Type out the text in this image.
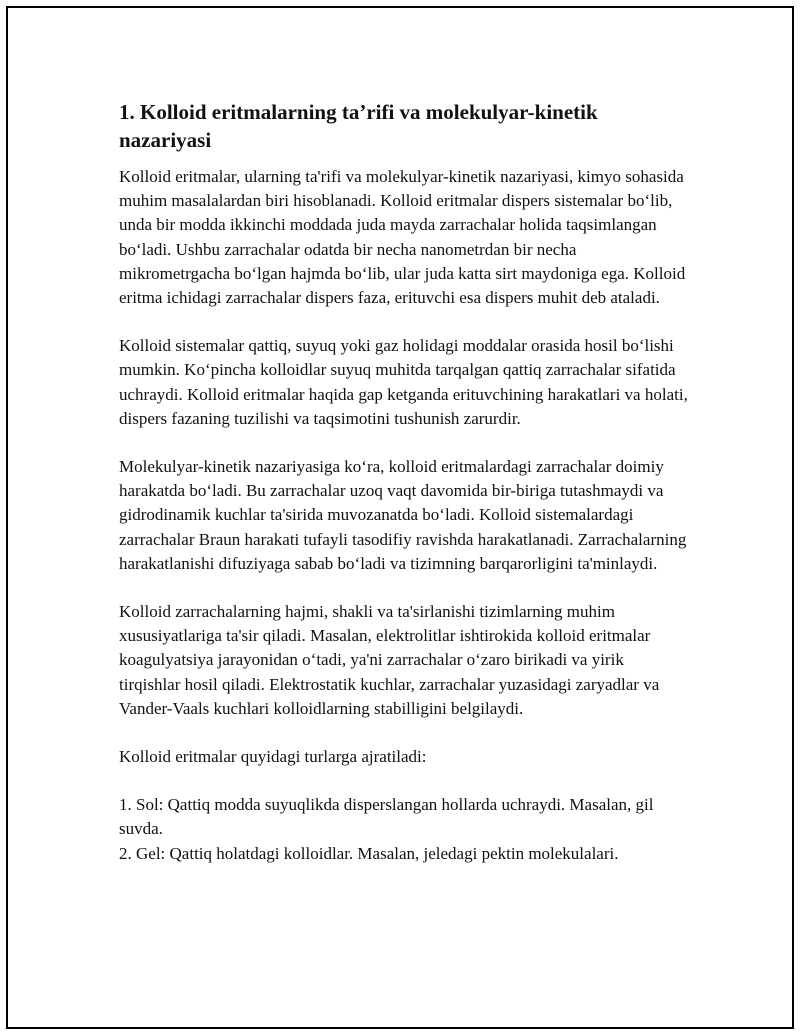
1. Kolloid eritmalarning ta’rifi va molekulyar-kinetik nazariyasi

Kolloid eritmalar, ularning ta'rifi va molekulyar-kinetik nazariyasi, kimyo sohasida muhim masalalardan biri hisoblanadi. Kolloid eritmalar dispers sistemalar boʻlib, unda bir modda ikkinchi moddada juda mayda zarrachalar holida taqsimlangan boʻladi. Ushbu zarrachalar odatda bir necha nanometrdan bir necha mikrometrgacha boʻlgan hajmda boʻlib, ular juda katta sirt maydoniga ega. Kolloid eritma ichidagi zarrachalar dispers faza, erituvchi esa dispers muhit deb ataladi.

Kolloid sistemalar qattiq, suyuq yoki gaz holidagi moddalar orasida hosil boʻlishi mumkin. Koʻpincha kolloidlar suyuq muhitda tarqalgan qattiq zarrachalar sifatida uchraydi. Kolloid eritmalar haqida gap ketganda erituvchining harakatlari va holati, dispers fazaning tuzilishi va taqsimotini tushunish zarurdir.

Molekulyar-kinetik nazariyasiga koʻra, kolloid eritmalardagi zarrachalar doimiy harakatda boʻladi. Bu zarrachalar uzoq vaqt davomida bir-biriga tutashmaydi va gidrodinamik kuchlar ta'sirida muvozanatda boʻladi. Kolloid sistemalardagi zarrachalar Braun harakati tufayli tasodifiy ravishda harakatlanadi. Zarrachalarning harakatlanishi difuziyaga sabab boʻladi va tizimning barqarorligini ta'minlaydi.

Kolloid zarrachalarning hajmi, shakli va ta'sirlanishi tizimlarning muhim xususiyatlariga ta'sir qiladi. Masalan, elektrolitlar ishtirokida kolloid eritmalar koagulyatsiya jarayonidan oʻtadi, ya'ni zarrachalar oʻzaro birikadi va yirik tirqishlar hosil qiladi. Elektrostatik kuchlar, zarrachalar yuzasidagi zaryadlar va Vander-Vaals kuchlari kolloidlarning stabilligini belgilaydi.

Kolloid eritmalar quyidagi turlarga ajratiladi:

1. Sol: Qattiq modda suyuqlikda disperslangan hollarda uchraydi. Masalan, gil suvda.

2. Gel: Qattiq holatdagi kolloidlar. Masalan, jeledagi pektin molekulalari.
